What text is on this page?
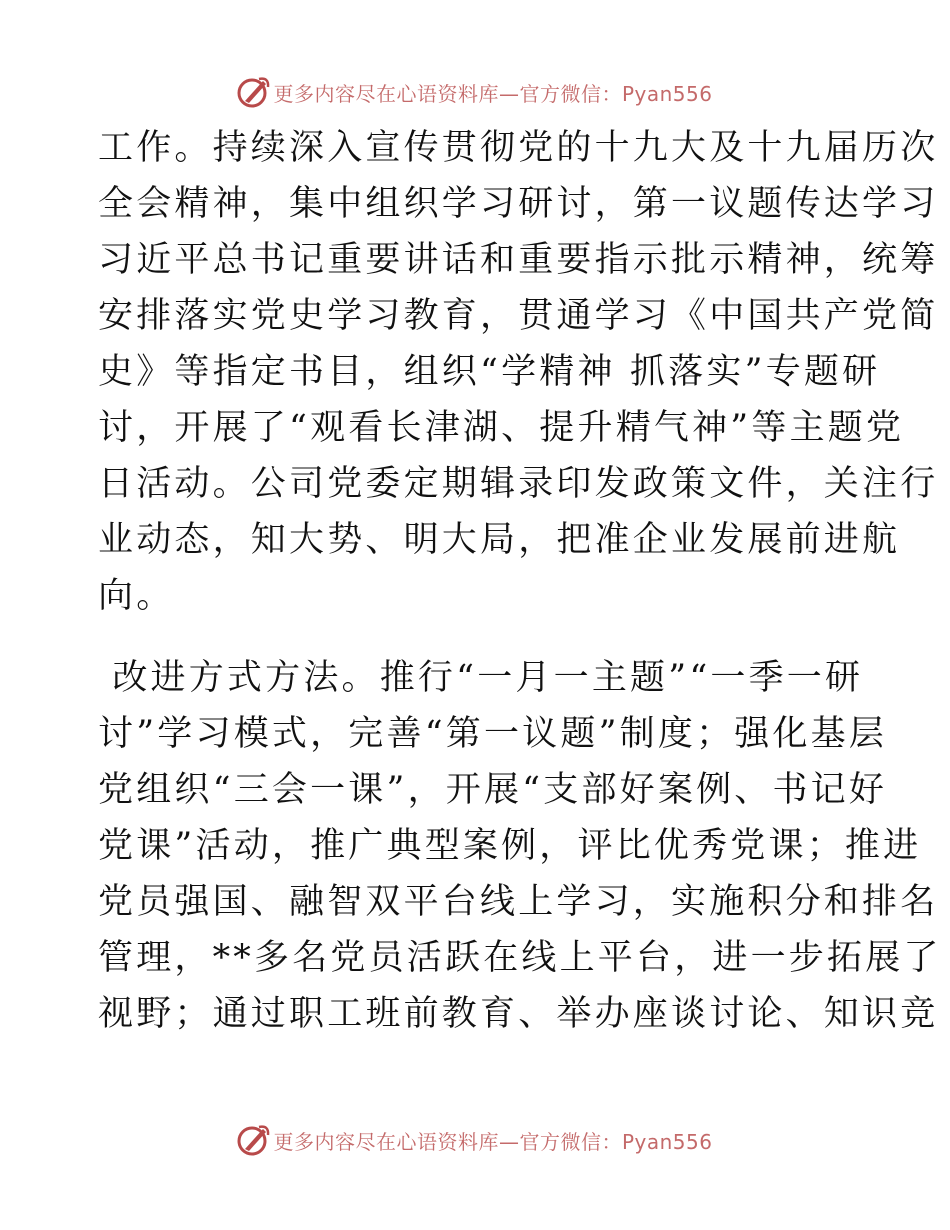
更多内容尽在心语资料库—官方微信：Pyan556
工作。持续深入宣传贯彻党的十九大及十九届历次
全会精神，集中组织学习研讨，第一议题传达学习
习近平总书记重要讲话和重要指示批示精神，统筹
安排落实党史学习教育，贯通学习《中国共产党简
史》等指定书目，组织“学精神 抓落实”专题研
讨，开展了“观看长津湖、提升精气神”等主题党
日活动。公司党委定期辑录印发政策文件，关注行
业动态，知大势、明大局，把准企业发展前进航
向。
改进方式方法。推行“一月一主题”“一季一研
讨”学习模式，完善“第一议题”制度；强化基层
党组织“三会一课”，开展“支部好案例、书记好
党课”活动，推广典型案例，评比优秀党课；推进
党员强国、融智双平台线上学习，实施积分和排名
管理，**多名党员活跃在线上平台，进一步拓展了
视野；通过职工班前教育、举办座谈讨论、知识竞
更多内容尽在心语资料库—官方微信：Pyan556
